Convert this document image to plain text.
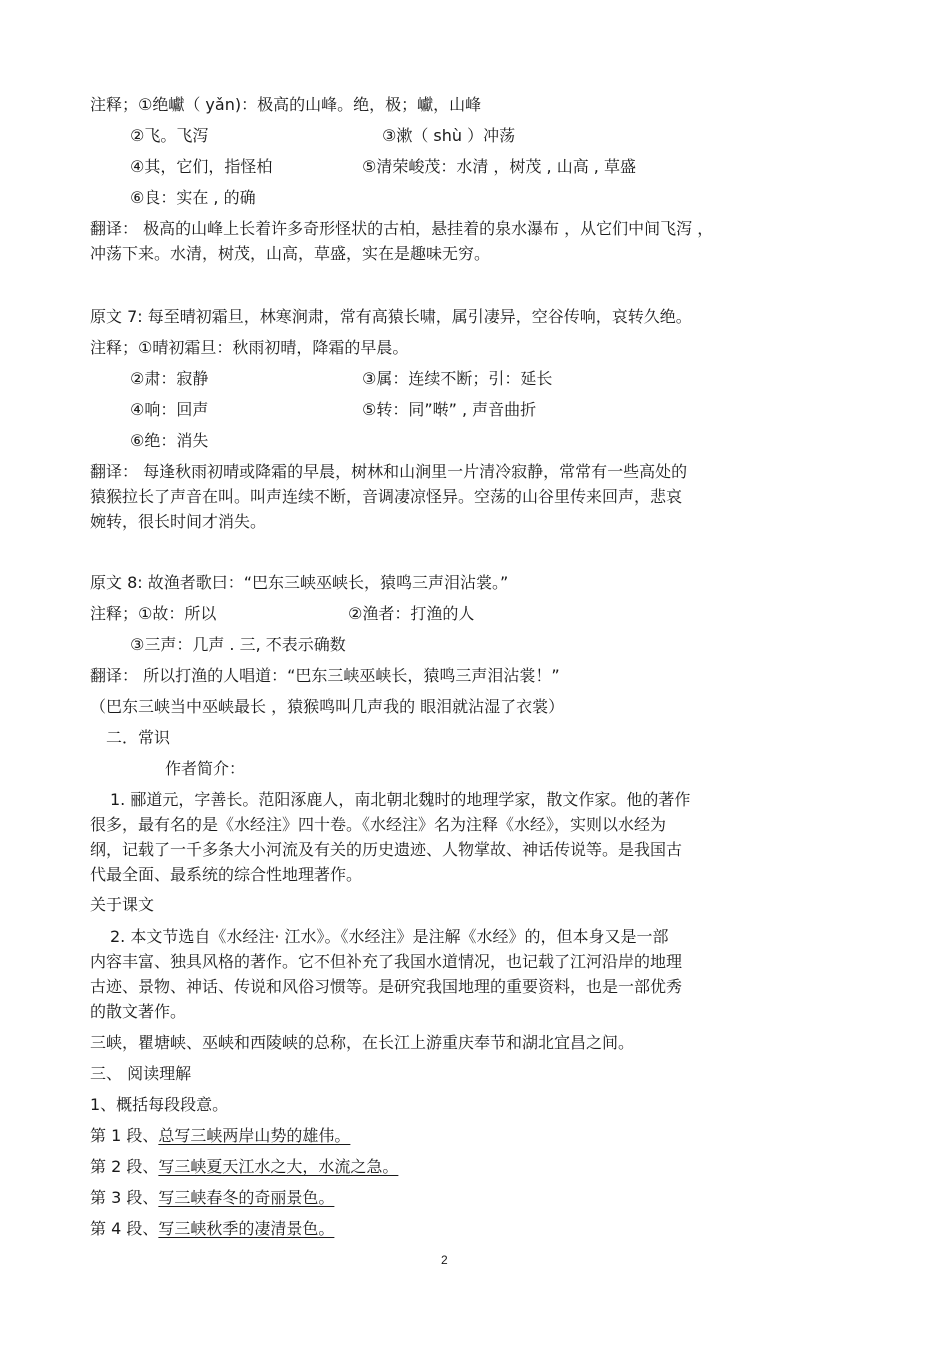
注释；①绝巘（ yǎn)：极高的山峰。绝，极；巘，山峰
②飞。飞泻	③漱（ shù ）冲荡
④其，它们，指怪柏	⑤清荣峻茂：水清 ，树茂 , 山高 , 草盛
⑥良：实在 , 的确
翻译： 极高的山峰上长着许多奇形怪状的古柏，悬挂着的泉水瀑布 ，从它们中间飞泻 ，
冲荡下来。水清，树茂，山高，草盛，实在是趣味无穷。
原文 7: 每至晴初霜旦，林寒涧肃，常有高猿长啸，属引凄异，空谷传响，哀转久绝。
注释；①晴初霜旦：秋雨初晴，降霜的早晨。
②肃：寂静	③属：连续不断；引：延长
④响：回声	⑤转：同”啭” , 声音曲折
⑥绝：消失
翻译： 每逢秋雨初晴或降霜的早晨，树林和山涧里一片清冷寂静，常常有一些高处的
猿猴拉长了声音在叫。叫声连续不断，音调凄凉怪异。空荡的山谷里传来回声，悲哀
婉转，很长时间才消失。
原文 8: 故渔者歌曰：“巴东三峡巫峡长，猿鸣三声泪沾裳。”
注释；①故：所以	②渔者：打渔的人
③三声：几声 . 三, 不表示确数
翻译： 所以打渔的人唱道：“巴东三峡巫峡长，猿鸣三声泪沾裳！”
（巴东三峡当中巫峡最长 ，猿猴鸣叫几声我的 眼泪就沾湿了衣裳）
二．常识
作者简介：
1. 郦道元，字善长。范阳涿鹿人，南北朝北魏时的地理学家，散文作家。他的著作
很多，最有名的是《水经注》四十卷。《水经注》名为注释《水经》，实则以水经为
纲，记载了一千多条大小河流及有关的历史遗迹、人物掌故、神话传说等。是我国古
代最全面、最系统的综合性地理著作。
关于课文
2. 本文节选自《水经注· 江水》。《水经注》是注解《水经》的，但本身又是一部
内容丰富、独具风格的著作。它不但补充了我国水道情况，也记载了江河沿岸的地理
古迹、景物、神话、传说和风俗习惯等。是研究我国地理的重要资料，也是一部优秀
的散文著作。
三峡，瞿塘峡、巫峡和西陵峡的总称，在长江上游重庆奉节和湖北宜昌之间。
三、 阅读理解
1、概括每段段意。
第 1 段、总写三峡两岸山势的雄伟。
第 2 段、写三峡夏天江水之大，水流之急。
第 3 段、写三峡春冬的奇丽景色。
第 4 段、写三峡秋季的凄清景色。
2
